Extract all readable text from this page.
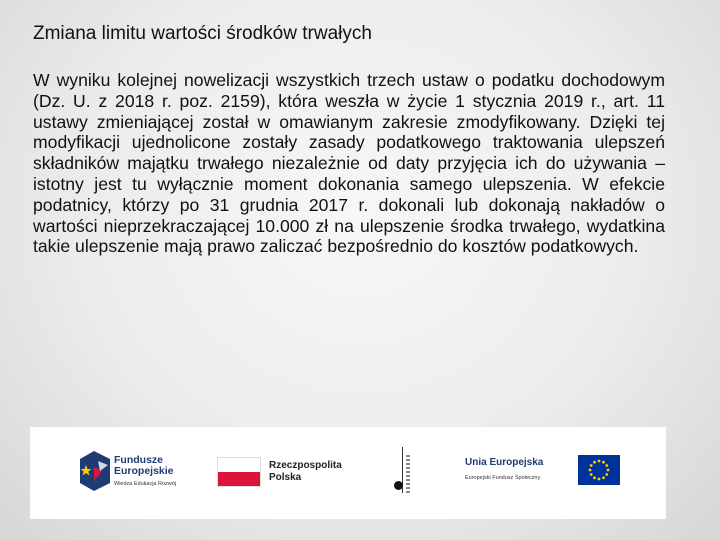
Zmiana limitu wartości środków trwałych

W wyniku kolejnej nowelizacji wszystkich trzech ustaw o podatku dochodowym (Dz. U. z 2018 r. poz. 2159), która weszła w życie 1 stycznia 2019 r., art. 11 ustawy zmieniającej został w omawianym zakresie zmodyfikowany. Dzięki tej modyfikacji ujednolicone zostały zasady podatkowego traktowania ulepszeń składników majątku trwałego niezależnie od daty przyjęcia ich do używania – istotny jest tu wyłącznie moment dokonania samego ulepszenia. W efekcie podatnicy, którzy po 31 grudnia 2017 r. dokonali lub dokonają nakładów o wartości nieprzekraczającej 10.000 zł na ulepszenie środka trwałego, wydatkina takie ulepszenie mają prawo zaliczać bezpośrednio do kosztów podatkowych.

Fundusze
Europejskie
Wiedza Edukacja Rozwój
Rzeczpospolita
Polska
Unia Europejska
Europejski Fundusz Społeczny
